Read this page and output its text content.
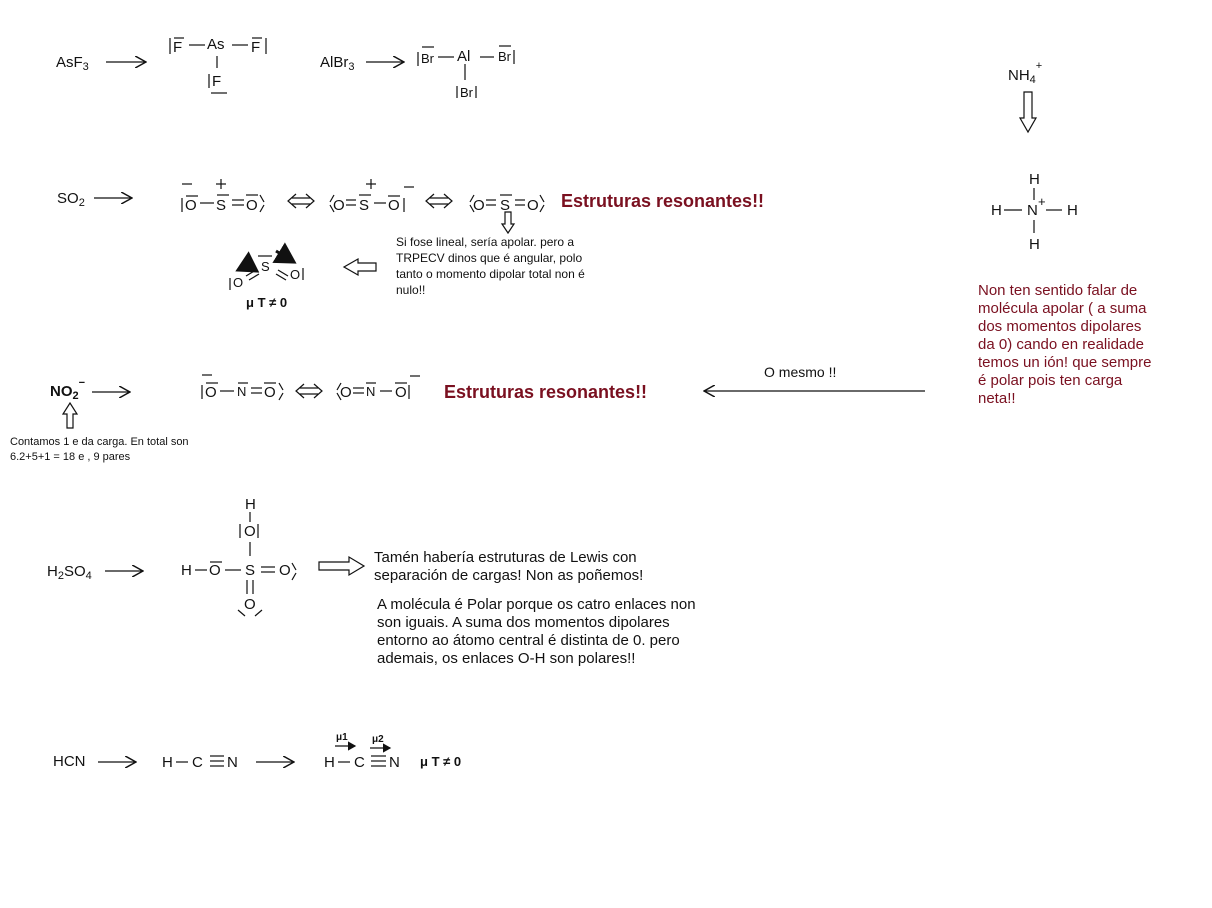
AsF$_3$
F As F
F
AlBr$_3$
Br Al Br
Br
$NH_4^+$
H
H N
+
H
H
$SO_2$	O S O	O S O	O S O Estruturas resonantes!!
S
O
O
μ T ≠ 0
$NO_2^-$
O N O	O N O Estruturas resonantes!!
O mesmo !!
$H_2SO_4$
H
O
H O S O
O
HCN	H C N
μ1 μ2
H C N μ T ≠ 0
Si fose lineal, sería apolar. pero a TRPECV dinos que é angular, polo tanto o momento dipolar total non é nulo!!
Contamos 1 e da carga. En total son 6.2+5+1 = 18 e , 9 pares
Tamén habería estruturas de Lewis con separación de cargas! Non as poñemos!
A molécula é Polar porque os catro enlaces non son iguais. A suma dos momentos dipolares entorno ao átomo central é distinta de 0. pero ademais, os enlaces O-H son polares!!
Non ten sentido falar de molécula apolar ( a suma dos momentos dipolares da 0) cando en realidade temos un ión! que sempre é polar pois ten carga neta!!
